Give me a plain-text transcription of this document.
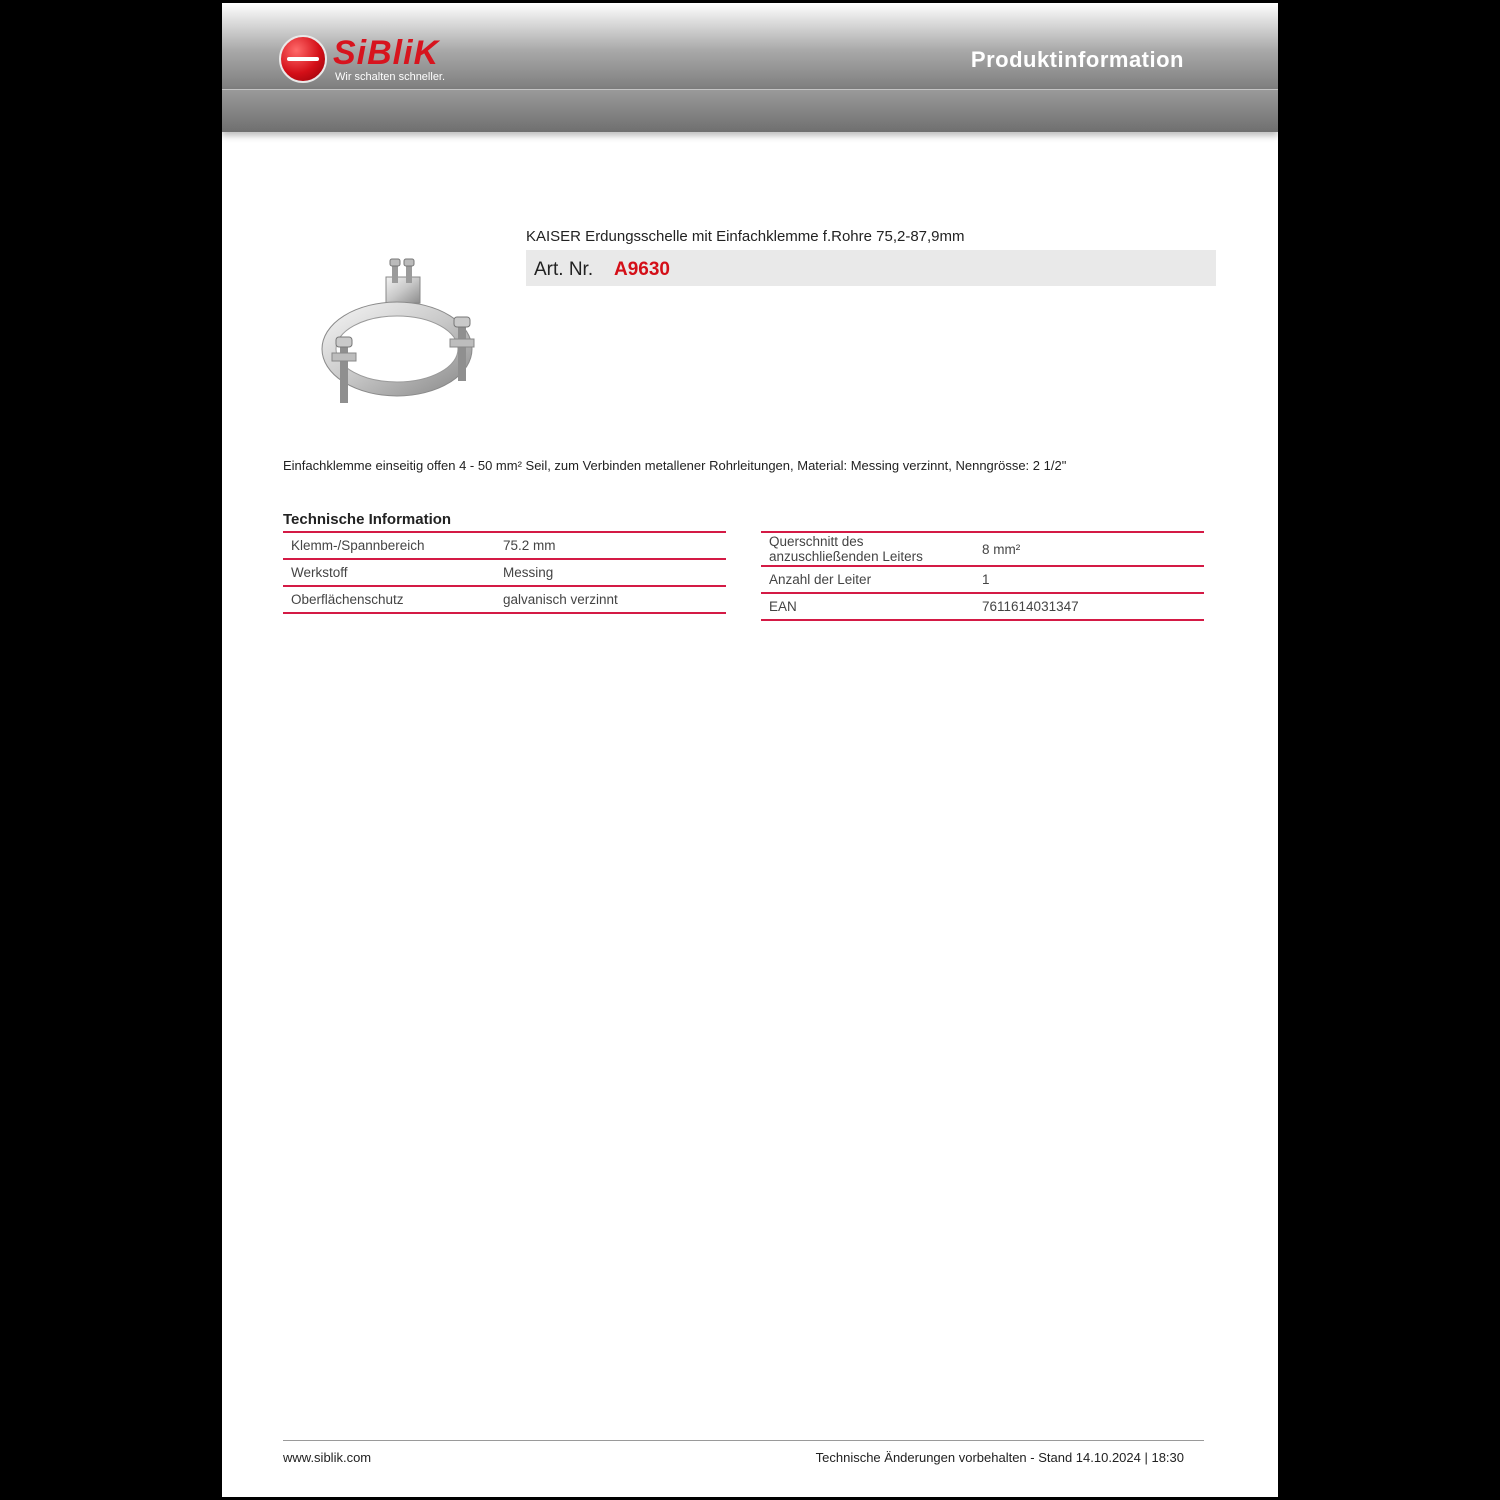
SiBliK
Wir schalten schneller.
Produktinformation
KAISER Erdungsschelle mit Einfachklemme f.Rohre 75,2-87,9mm
Art. Nr. A9630
Einfachklemme einseitig offen 4 - 50 mm² Seil, zum Verbinden metallener Rohrleitungen, Material: Messing verzinnt, Nenngrösse: 2 1/2"
Technische Information
Klemm-/Spannbereich	75.2 mm
Werkstoff	Messing
Oberflächenschutz	galvanisch verzinnt
Querschnitt des anzuschließenden Leiters	8 mm²
Anzahl der Leiter	1
EAN	7611614031347
www.siblik.com	Technische Änderungen vorbehalten - Stand 14.10.2024 | 18:30
